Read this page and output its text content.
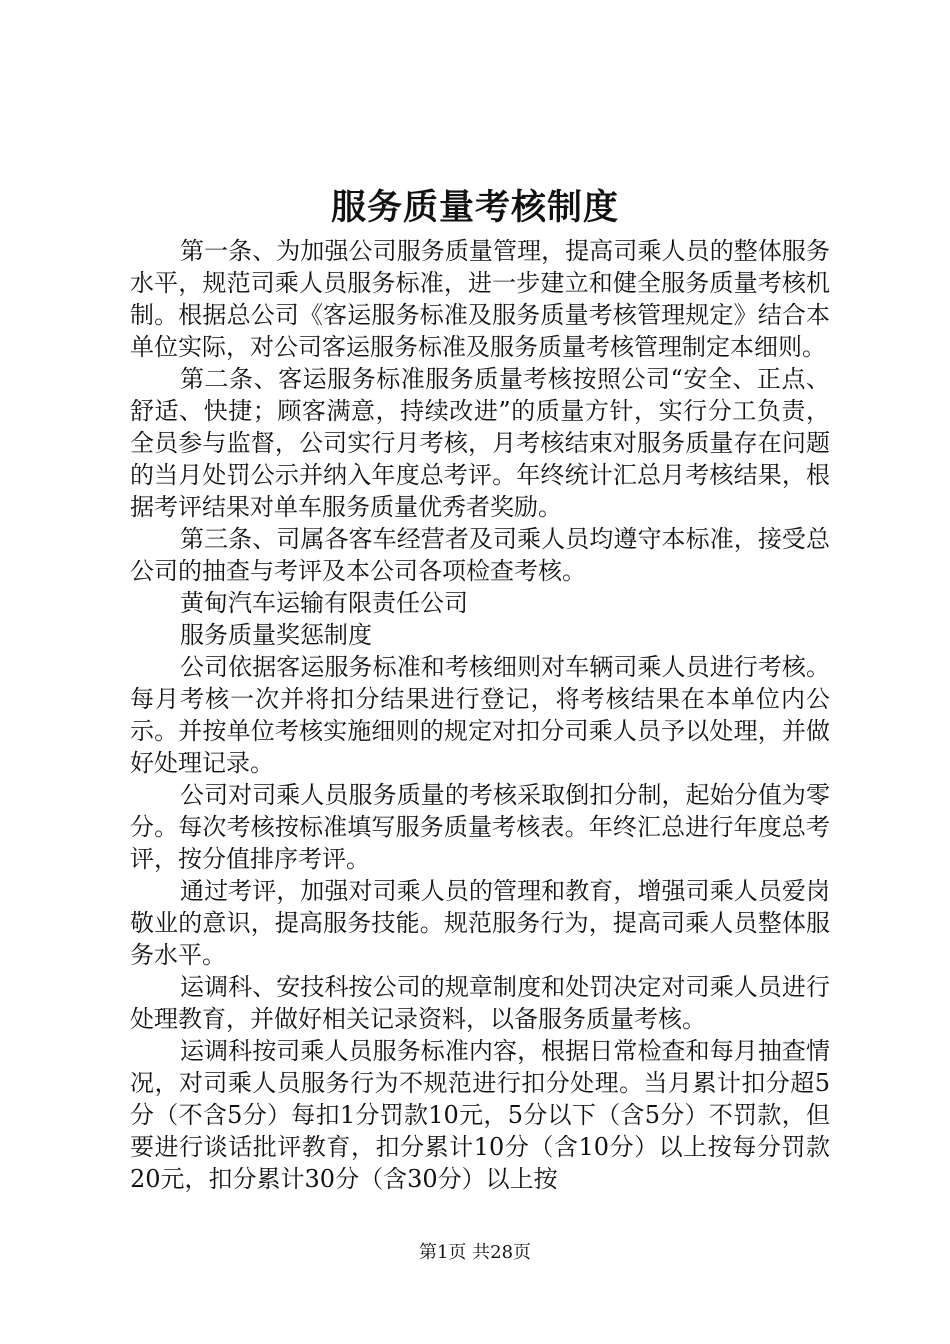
服务质量考核制度

第一条、为加强公司服务质量管理，提高司乘人员的整体服务水平，规范司乘人员服务标准，进一步建立和健全服务质量考核机制。根据总公司《客运服务标准及服务质量考核管理规定》结合本单位实际，对公司客运服务标准及服务质量考核管理制定本细则。

第二条、客运服务标准服务质量考核按照公司“安全、正点、舒适、快捷；顾客满意，持续改进”的质量方针，实行分工负责，全员参与监督，公司实行月考核，月考核结束对服务质量存在问题的当月处罚公示并纳入年度总考评。年终统计汇总月考核结果，根据考评结果对单车服务质量优秀者奖励。

第三条、司属各客车经营者及司乘人员均遵守本标准，接受总公司的抽查与考评及本公司各项检查考核。

黄甸汽车运输有限责任公司

服务质量奖惩制度

公司依据客运服务标准和考核细则对车辆司乘人员进行考核。每月考核一次并将扣分结果进行登记，将考核结果在本单位内公示。并按单位考核实施细则的规定对扣分司乘人员予以处理，并做好处理记录。

公司对司乘人员服务质量的考核采取倒扣分制，起始分值为零分。每次考核按标准填写服务质量考核表。年终汇总进行年度总考评，按分值排序考评。

通过考评，加强对司乘人员的管理和教育，增强司乘人员爱岗敬业的意识，提高服务技能。规范服务行为，提高司乘人员整体服务水平。

运调科、安技科按公司的规章制度和处罚决定对司乘人员进行处理教育，并做好相关记录资料，以备服务质量考核。

运调科按司乘人员服务标准内容，根据日常检查和每月抽查情况，对司乘人员服务行为不规范进行扣分处理。当月累计扣分超5分（不含5分）每扣1分罚款10元，5分以下（含5分）不罚款，但要进行谈话批评教育，扣分累计10分（含10分）以上按每分罚款20元，扣分累计30分（含30分）以上按

第1页 共28页
